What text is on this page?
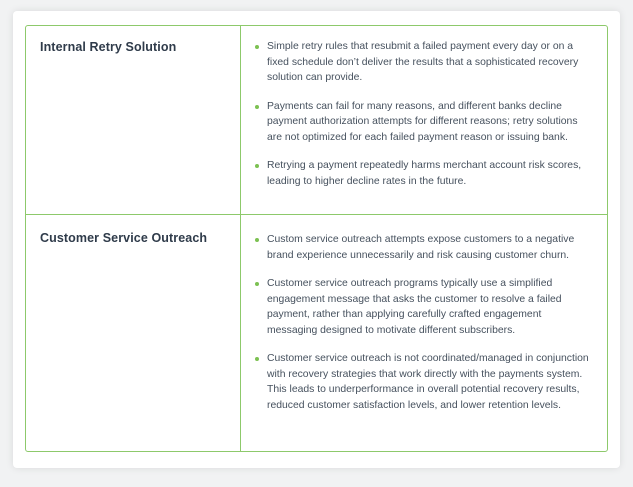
Internal Retry Solution	Simple retry rules that resubmit a failed payment every day or on a fixed schedule don’t deliver the results that a sophisticated recovery solution can provide.
Payments can fail for many reasons, and different banks decline payment authorization attempts for different reasons; retry solutions are not optimized for each failed payment reason or issuing bank.
Retrying a payment repeatedly harms merchant account risk scores, leading to higher decline rates in the future.
Customer Service Outreach	Custom service outreach attempts expose customers to a negative brand experience unnecessarily and risk causing customer churn.
Customer service outreach programs typically use a simplified engagement message that asks the customer to resolve a failed payment, rather than applying carefully crafted engagement messaging designed to motivate different subscribers.
Customer service outreach is not coordinated/managed in conjunction with recovery strategies that work directly with the payments system. This leads to underperformance in overall potential recovery results, reduced customer satisfaction levels, and lower retention levels.
